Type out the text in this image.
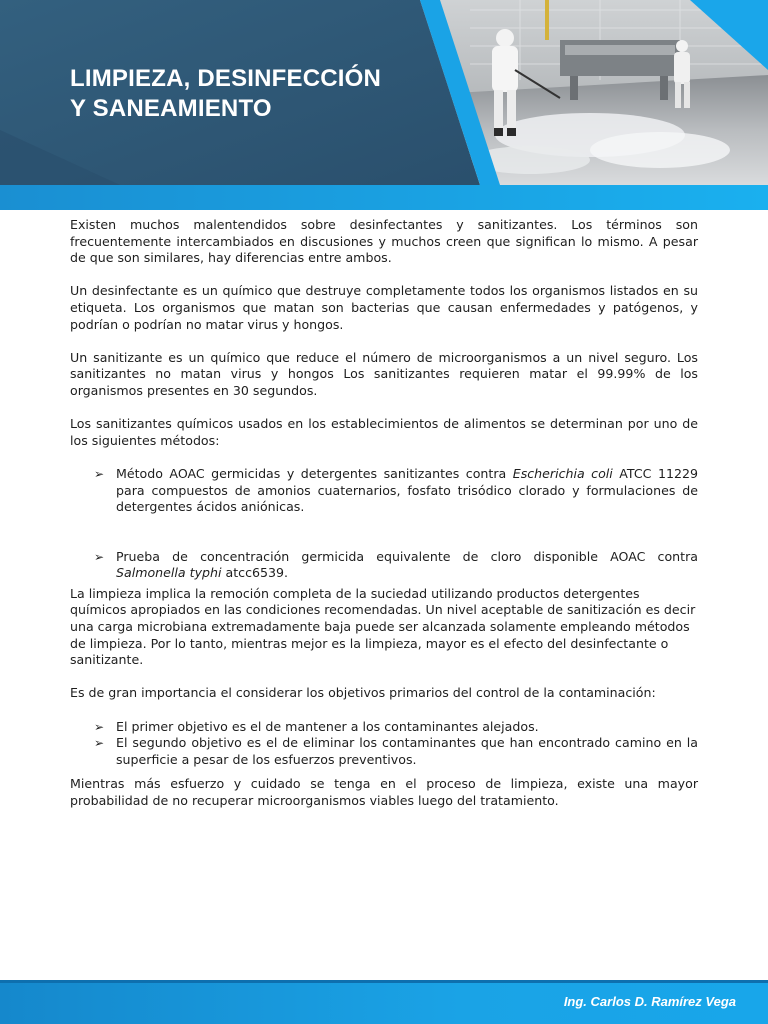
LIMPIEZA, DESINFECCIÓN
Y SANEAMIENTO

Existen muchos malentendidos sobre desinfectantes y sanitizantes. Los términos son frecuentemente intercambiados en discusiones y muchos creen que significan lo mismo. A pesar de que son similares, hay diferencias entre ambos.

Un desinfectante es un químico que destruye completamente todos los organismos listados en su etiqueta. Los organismos que matan son bacterias que causan enfermedades y patógenos, y podrían o podrían no matar virus y hongos.

Un sanitizante es un químico que reduce el número de microorganismos a un nivel seguro. Los sanitizantes no matan virus y hongos Los sanitizantes requieren matar el 99.99% de los organismos presentes en 30 segundos.

Los sanitizantes químicos usados en los establecimientos de alimentos se determinan por uno de los siguientes métodos:

➢ Método AOAC germicidas y detergentes sanitizantes contra Escherichia coli ATCC 11229 para compuestos de amonios cuaternarios, fosfato trisódico clorado y formulaciones de detergentes ácidos aniónicas.
➢ Prueba de concentración germicida equivalente de cloro disponible AOAC contra Salmonella typhi atcc6539.

La limpieza implica la remoción completa de la suciedad utilizando productos detergentes químicos apropiados en las condiciones recomendadas. Un nivel aceptable de sanitización es decir una carga microbiana extremadamente baja puede ser alcanzada solamente empleando métodos de limpieza. Por lo tanto, mientras mejor es la limpieza, mayor es el efecto del desinfectante o sanitizante.

Es de gran importancia el considerar los objetivos primarios del control de la contaminación:

➢ El primer objetivo es el de mantener a los contaminantes alejados.
➢ El segundo objetivo es el de eliminar los contaminantes que han encontrado camino en la superficie a pesar de los esfuerzos preventivos.

Mientras más esfuerzo y cuidado se tenga en el proceso de limpieza, existe una mayor probabilidad de no recuperar microorganismos viables luego del tratamiento.

Ing. Carlos D. Ramírez Vega
